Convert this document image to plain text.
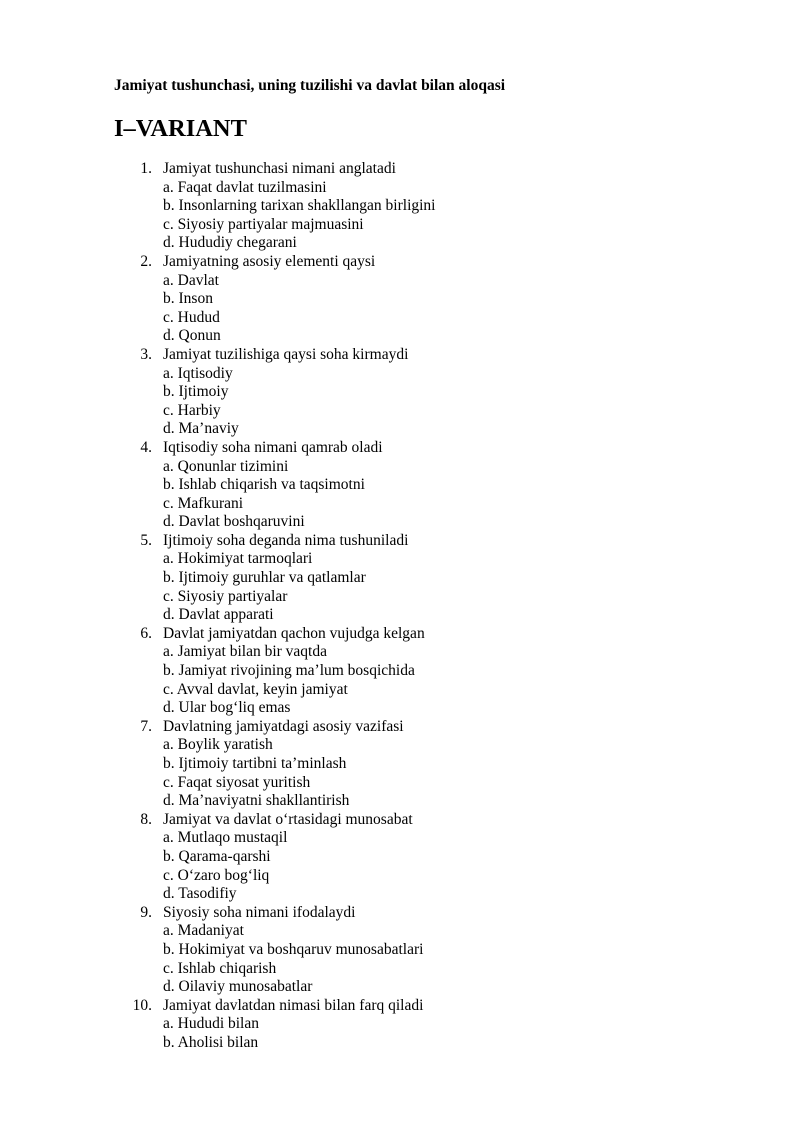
Jamiyat tushunchasi, uning tuzilishi va davlat bilan aloqasi
I–VARIANT
1. Jamiyat tushunchasi nimani anglatadi
a. Faqat davlat tuzilmasini
b. Insonlarning tarixan shakllangan birligini
c. Siyosiy partiyalar majmuasini
d. Hududiy chegarani
2. Jamiyatning asosiy elementi qaysi
a. Davlat
b. Inson
c. Hudud
d. Qonun
3. Jamiyat tuzilishiga qaysi soha kirmaydi
a. Iqtisodiy
b. Ijtimoiy
c. Harbiy
d. Ma’naviy
4. Iqtisodiy soha nimani qamrab oladi
a. Qonunlar tizimini
b. Ishlab chiqarish va taqsimotni
c. Mafkurani
d. Davlat boshqaruvini
5. Ijtimoiy soha deganda nima tushuniladi
a. Hokimiyat tarmoqlari
b. Ijtimoiy guruhlar va qatlamlar
c. Siyosiy partiyalar
d. Davlat apparati
6. Davlat jamiyatdan qachon vujudga kelgan
a. Jamiyat bilan bir vaqtda
b. Jamiyat rivojining ma’lum bosqichida
c. Avval davlat, keyin jamiyat
d. Ular bog‘liq emas
7. Davlatning jamiyatdagi asosiy vazifasi
a. Boylik yaratish
b. Ijtimoiy tartibni ta’minlash
c. Faqat siyosat yuritish
d. Ma’naviyatni shakllantirish
8. Jamiyat va davlat o‘rtasidagi munosabat
a. Mutlaqo mustaqil
b. Qarama-qarshi
c. O‘zaro bog‘liq
d. Tasodifiy
9. Siyosiy soha nimani ifodalaydi
a. Madaniyat
b. Hokimiyat va boshqaruv munosabatlari
c. Ishlab chiqarish
d. Oilaviy munosabatlar
10. Jamiyat davlatdan nimasi bilan farq qiladi
a. Hududi bilan
b. Aholisi bilan
